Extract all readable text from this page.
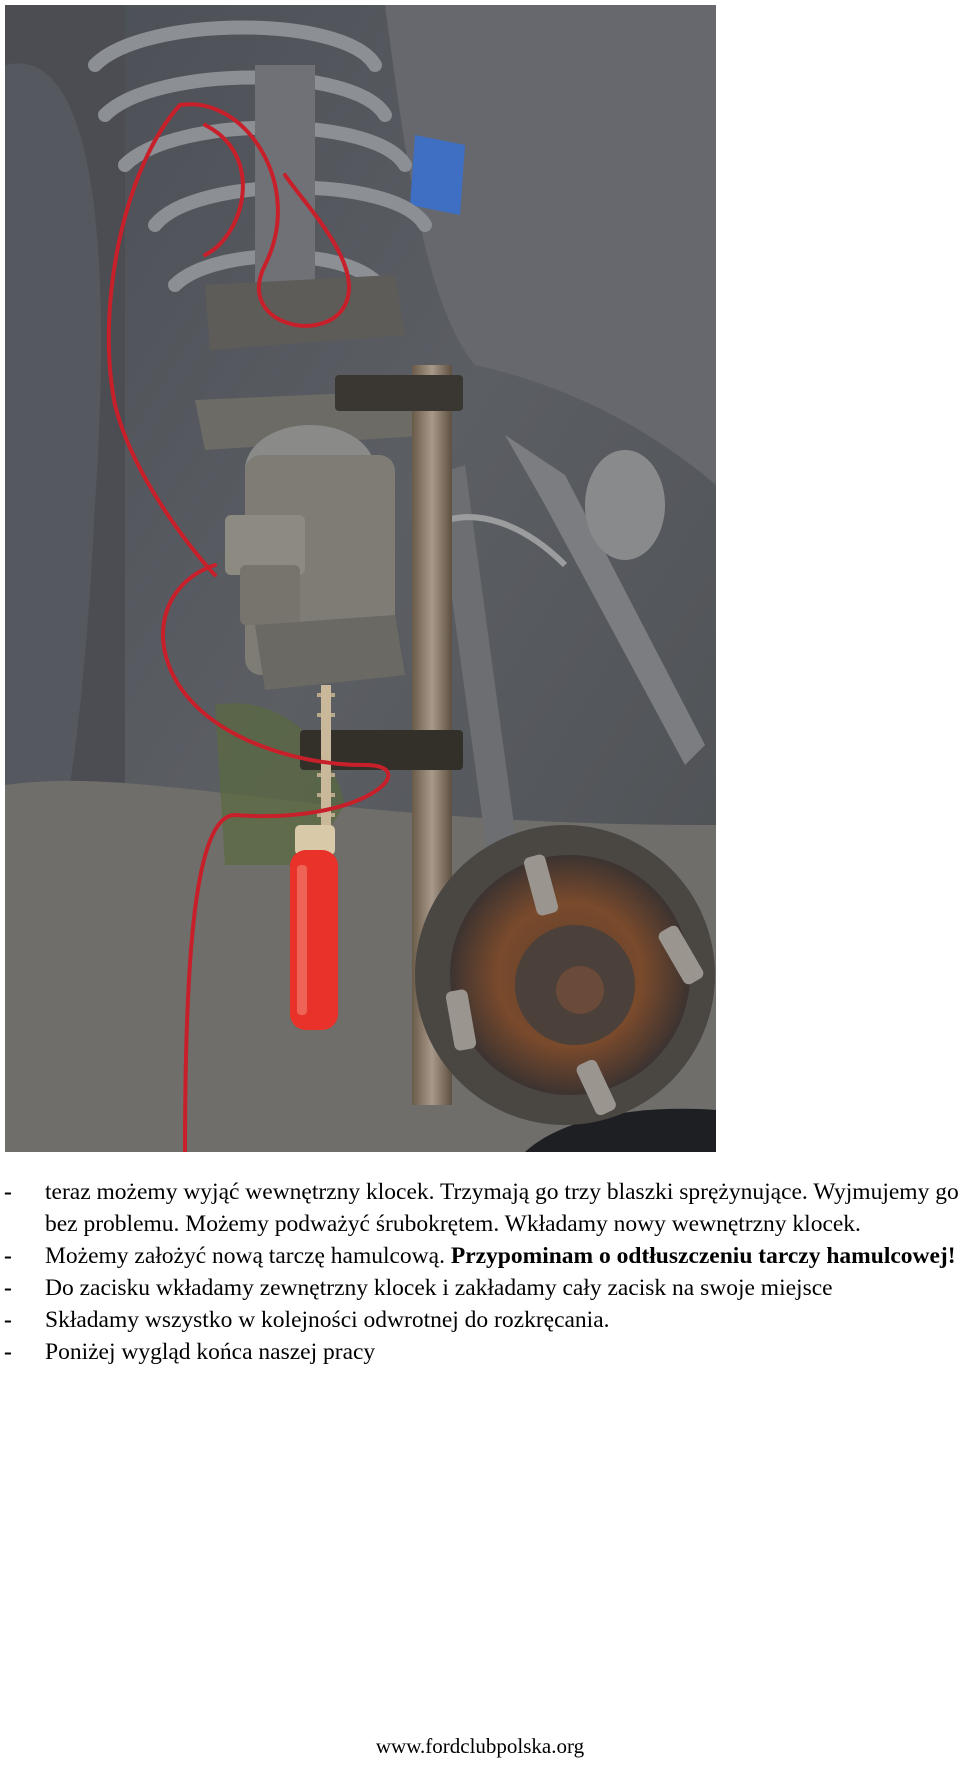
- teraz możemy wyjąć wewnętrzny klocek. Trzymają go trzy blaszki sprężynujące. Wyjmujemy go bez problemu. Możemy podważyć śrubokrętem. Wkładamy nowy wewnętrzny klocek.
- Możemy założyć nową tarczę hamulcową. Przypominam o odtłuszczeniu tarczy hamulcowej!
- Do zacisku wkładamy zewnętrzny klocek i zakładamy cały zacisk na swoje miejsce
- Składamy wszystko w kolejności odwrotnej do rozkręcania.
- Poniżej wygląd końca naszej pracy
www.fordclubpolska.org
